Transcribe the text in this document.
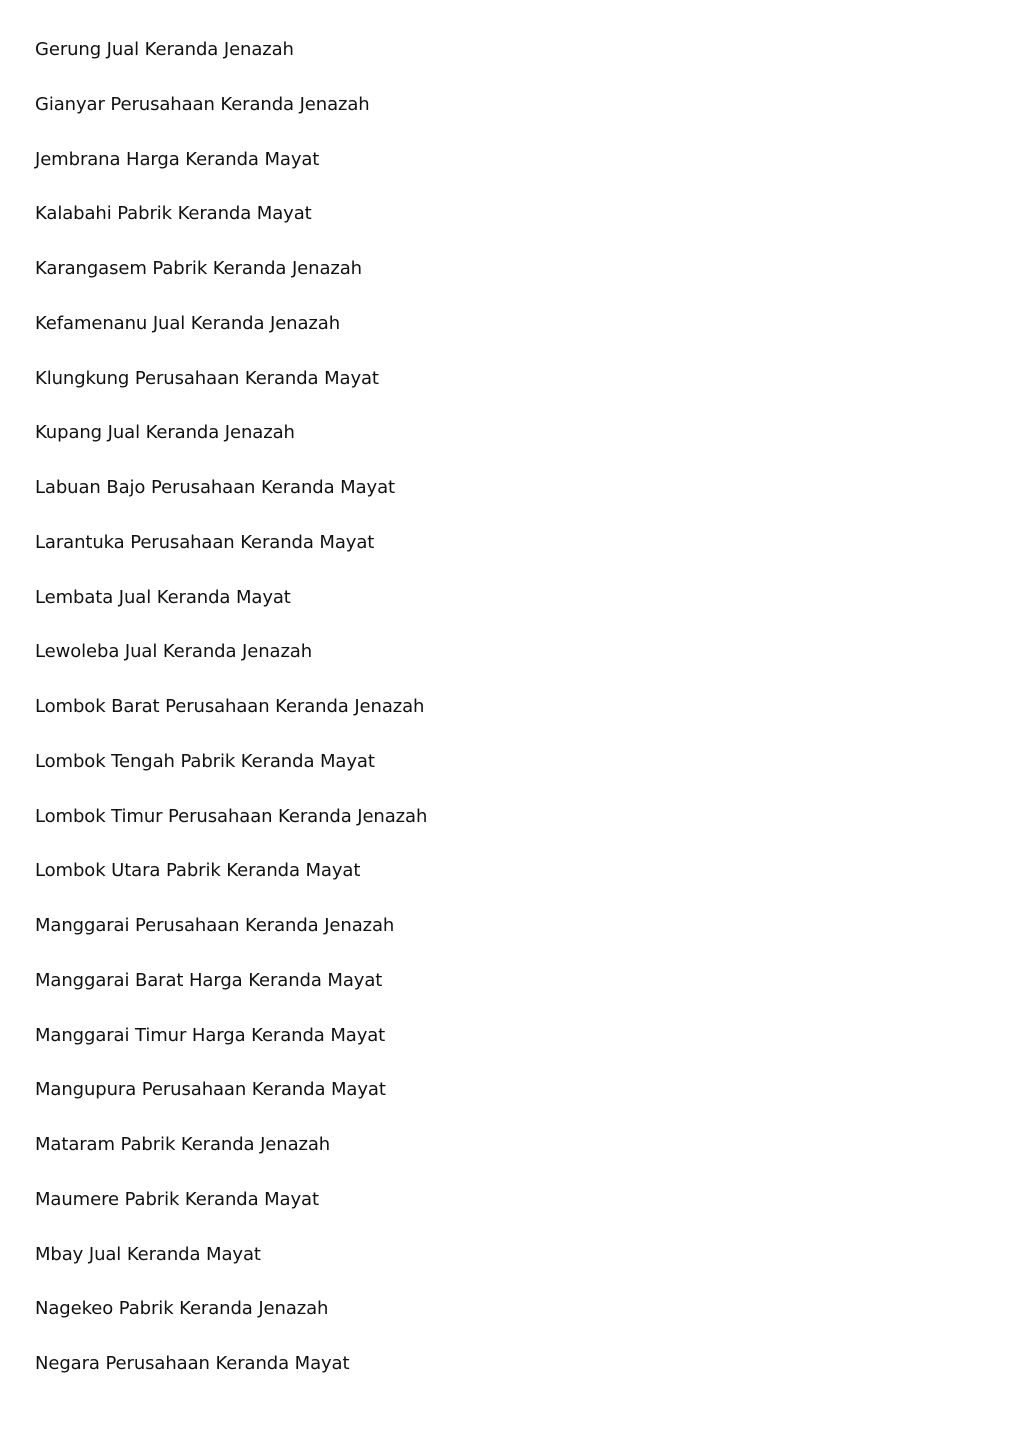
Gerung Jual Keranda Jenazah
Gianyar Perusahaan Keranda Jenazah
Jembrana Harga Keranda Mayat
Kalabahi Pabrik Keranda Mayat
Karangasem Pabrik Keranda Jenazah
Kefamenanu Jual Keranda Jenazah
Klungkung Perusahaan Keranda Mayat
Kupang Jual Keranda Jenazah
Labuan Bajo Perusahaan Keranda Mayat
Larantuka Perusahaan Keranda Mayat
Lembata Jual Keranda Mayat
Lewoleba Jual Keranda Jenazah
Lombok Barat Perusahaan Keranda Jenazah
Lombok Tengah Pabrik Keranda Mayat
Lombok Timur Perusahaan Keranda Jenazah
Lombok Utara Pabrik Keranda Mayat
Manggarai Perusahaan Keranda Jenazah
Manggarai Barat Harga Keranda Mayat
Manggarai Timur Harga Keranda Mayat
Mangupura Perusahaan Keranda Mayat
Mataram Pabrik Keranda Jenazah
Maumere Pabrik Keranda Mayat
Mbay Jual Keranda Mayat
Nagekeo Pabrik Keranda Jenazah
Negara Perusahaan Keranda Mayat
